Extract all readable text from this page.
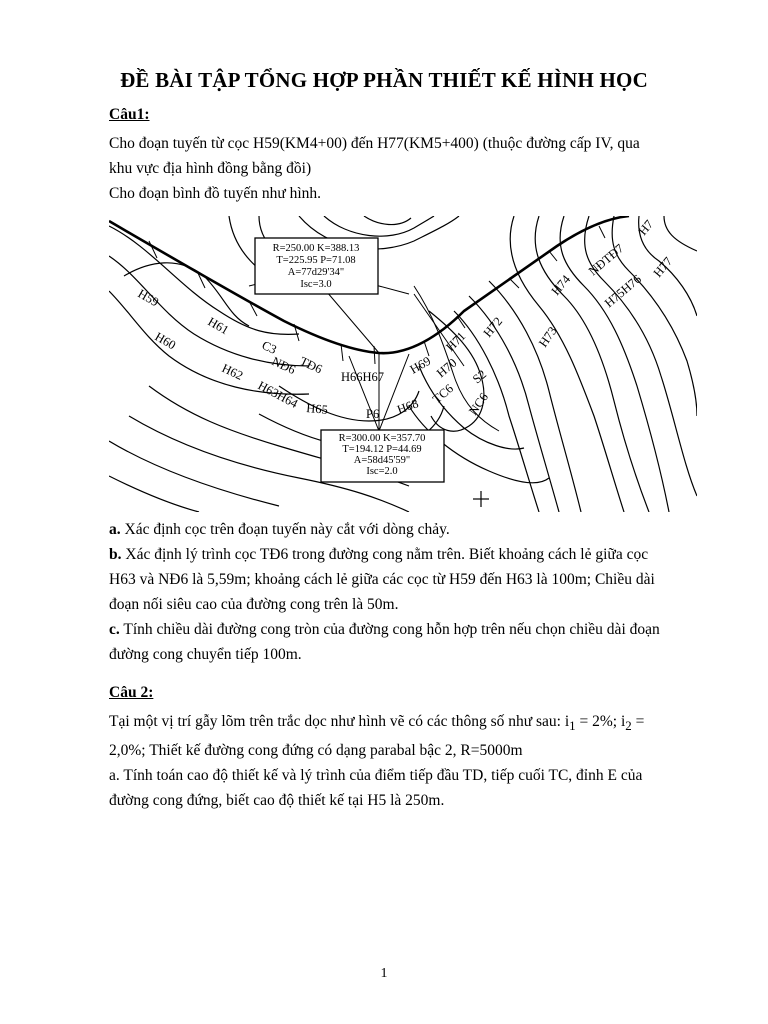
ĐỀ BÀI TẬP TỔNG HỢP PHẦN THIẾT KẾ HÌNH HỌC
Câu1:
Cho đoạn tuyến từ cọc H59(KM4+00) đến H77(KM5+400) (thuộc đường cấp IV, qua
khu vực địa hình đồng bằng đồi)
Cho đoạn bình đồ tuyến như hình.
R=250.00 K=388.13
T=225.95 P=71.08
A=77d29'34"
Isc=3.0
R=300.00 K=357.70
T=194.12 P=44.69
A=58d45'59"
Isc=2.0
H59
H60
H61
C3
H62 NĐ6 TĐ6
H63H64 H65	P6
H66H67
H68
H69 H70
H71
TC6 NC6
S2
H72 H73
H74
NĐTĐ7
H75H76
H77
H7
a. Xác định cọc trên đoạn tuyến này cắt với dòng chảy.
b. Xác định lý trình cọc TĐ6 trong đường cong nằm trên. Biết khoảng cách lẻ giữa cọc
H63 và NĐ6 là 5,59m; khoảng cách lẻ giữa các cọc từ H59 đến H63 là 100m; Chiều dài
đoạn nối siêu cao của đường cong trên là 50m.
c. Tính chiều dài đường cong tròn của đường cong hỗn hợp trên nếu chọn chiều dài đoạn
đường cong chuyển tiếp 100m.
Câu 2:
Tại một vị trí gẫy lõm trên trắc dọc như hình vẽ có các thông số như sau: $i_1 = 2\%$; $i_2$ =
2,0%; Thiết kế đường cong đứng có dạng parabal bậc 2, R=5000m
a. Tính toán cao độ thiết kế và lý trình của điểm tiếp đầu TD, tiếp cuối TC, đỉnh E của
đường cong đứng, biết cao độ thiết kế tại H5 là 250m.
1
